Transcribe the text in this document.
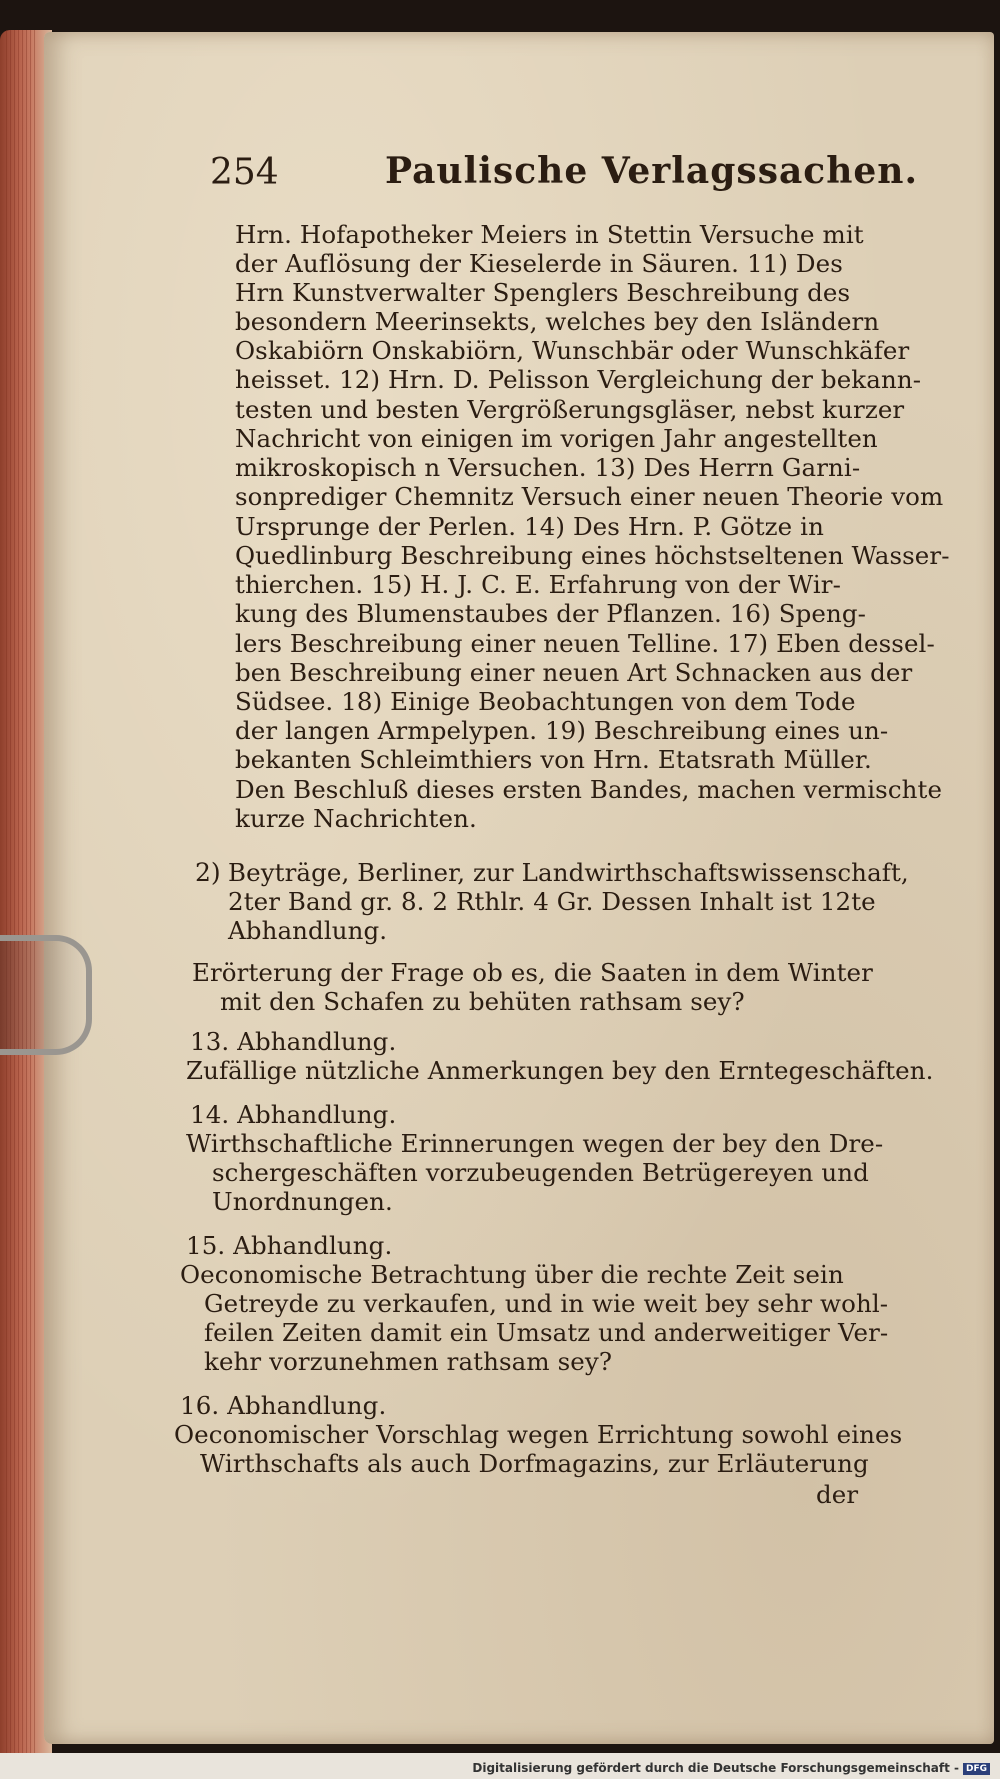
254	Paulische Verlagssachen.
Hrn. Hofapotheker Meiers in Stettin Versuche mit
der Auflösung der Kieselerde in Säuren. 11) Des
Hrn Kunstverwalter Spenglers Beschreibung des
besondern Meerinsekts, welches bey den Isländern
Oskabiörn Onskabiörn, Wunschbär oder Wunschkäfer
heisset. 12) Hrn. D. Pelisson Vergleichung der bekann-
testen und besten Vergrößerungsgläser, nebst kurzer
Nachricht von einigen im vorigen Jahr angestellten
mikroskopisch n Versuchen. 13) Des Herrn Garni-
sonprediger Chemnitz Versuch einer neuen Theorie vom
Ursprunge der Perlen. 14) Des Hrn. P. Götze in
Quedlinburg Beschreibung eines höchstseltenen Wasser-
thierchen. 15) H. J. C. E. Erfahrung von der Wir-
kung des Blumenstaubes der Pflanzen. 16) Speng-
lers Beschreibung einer neuen Telline. 17) Eben dessel-
ben Beschreibung einer neuen Art Schnacken aus der
Südsee. 18) Einige Beobachtungen von dem Tode
der langen Armpelypen. 19) Beschreibung eines un-
bekanten Schleimthiers von Hrn. Etatsrath Müller.
Den Beschluß dieses ersten Bandes, machen vermischte
kurze Nachrichten.
2) Beyträge, Berliner, zur Landwirthschaftswissenschaft,
2ter Band gr. 8. 2 Rthlr. 4 Gr. Dessen Inhalt ist 12te
Abhandlung.
Erörterung der Frage ob es, die Saaten in dem Winter
mit den Schafen zu behüten rathsam sey?
13. Abhandlung.
Zufällige nützliche Anmerkungen bey den Erntegeschäften.
14. Abhandlung.
Wirthschaftliche Erinnerungen wegen der bey den Dre-
schergeschäften vorzubeugenden Betrügereyen und
Unordnungen.
15. Abhandlung.
Oeconomische Betrachtung über die rechte Zeit sein
Getreyde zu verkaufen, und in wie weit bey sehr wohl-
feilen Zeiten damit ein Umsatz und anderweitiger Ver-
kehr vorzunehmen rathsam sey?
16. Abhandlung.
Oeconomischer Vorschlag wegen Errichtung sowohl eines
Wirthschafts als auch Dorfmagazins, zur Erläuterung
der
Digitalisierung gefördert durch die Deutsche Forschungsgemeinschaft - DFG
